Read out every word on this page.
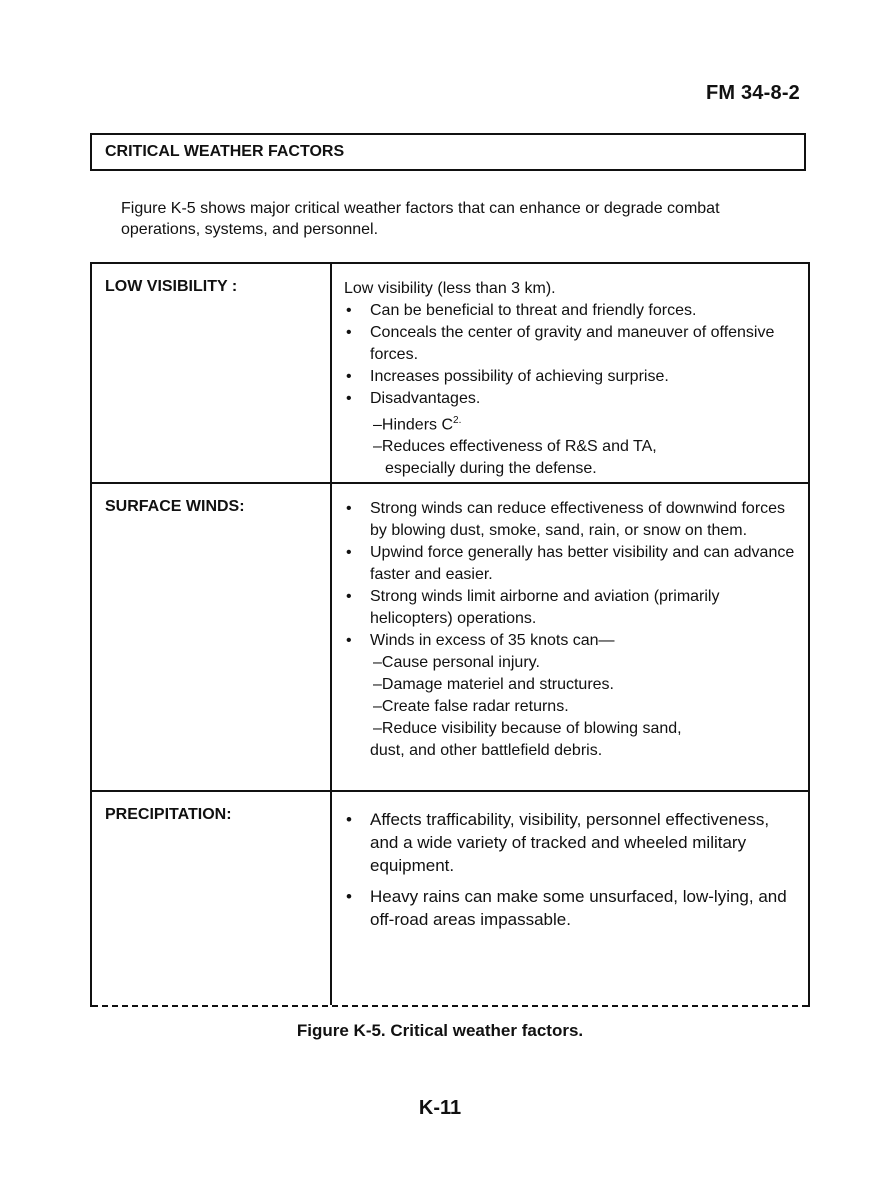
FM 34-8-2
CRITICAL WEATHER FACTORS
Figure K-5 shows major critical weather factors that can enhance or degrade combat operations, systems, and personnel.
LOW VISIBILITY :	Low visibility (less than 3 km).

• Can be beneficial to threat and friendly forces.
• Conceals the center of gravity and maneuver of offensive forces.
• Increases possibility of achieving surprise.
• Disadvantages.
–Hinders $C^{2.}$
–Reduces effectiveness of R&S and TA,
especially during the defense.
SURFACE WINDS:	• Strong winds can reduce effectiveness of downwind forces by blowing dust, smoke, sand, rain, or snow on them.
• Upwind force generally has better visibility and can advance faster and easier.
• Strong winds limit airborne and aviation (primarily helicopters) operations.
• Winds in excess of 35 knots can—
–Cause personal injury.
–Damage materiel and structures.
–Create false radar returns.
–Reduce visibility because of blowing sand,
dust, and other battlefield debris.
PRECIPITATION:	• Affects trafficability, visibility, personnel effectiveness, and a wide variety of tracked and wheeled military equipment.
• Heavy rains can make some unsurfaced, low-lying, and off-road areas impassable.
Figure K-5. Critical weather factors.
K-11
